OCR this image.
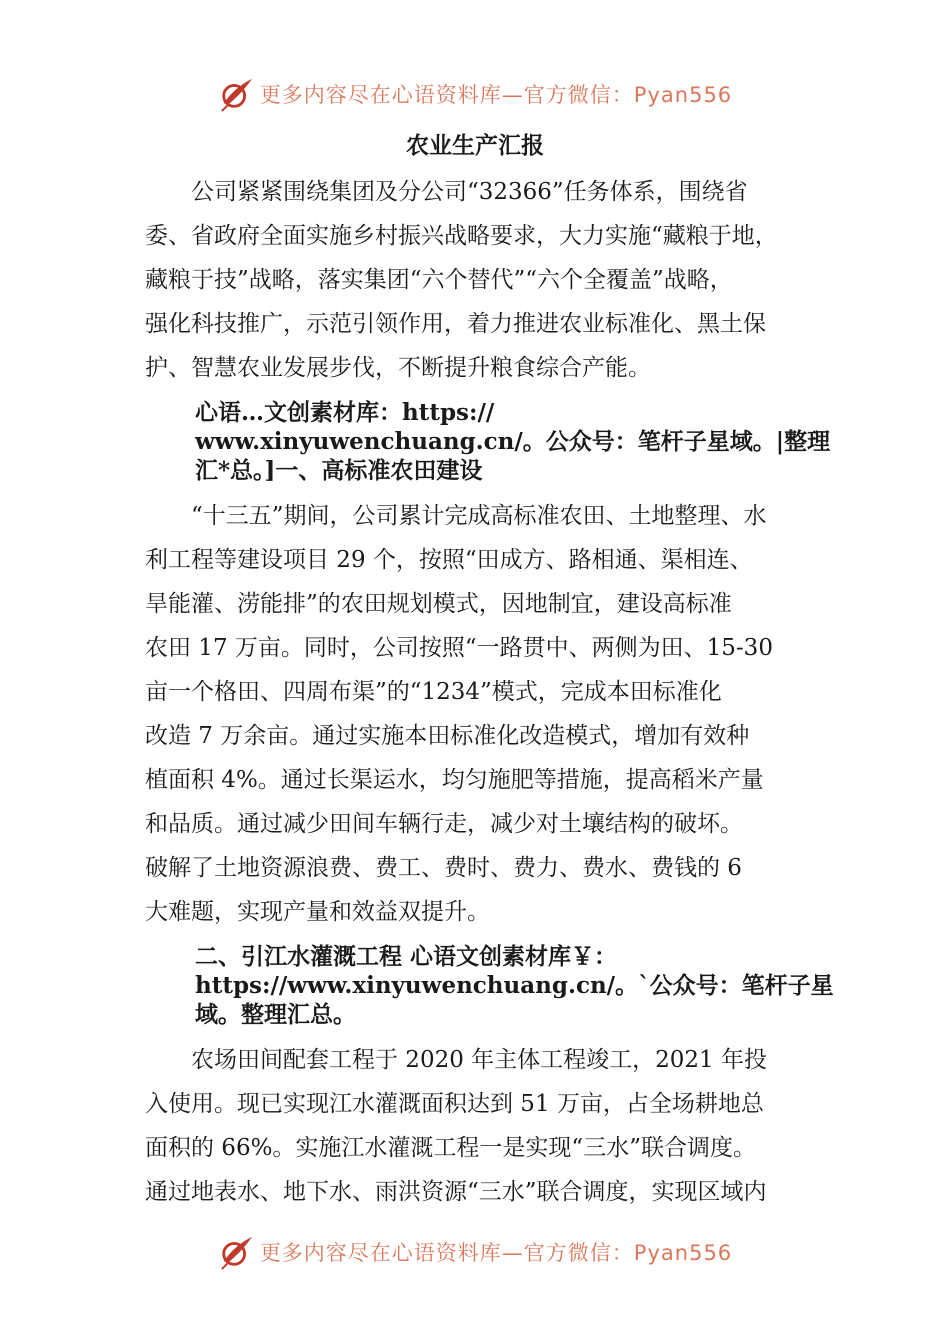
更多内容尽在心语资料库—官方微信：Pyan556
农业生产汇报

公司紧紧围绕集团及分公司“32366”任务体系，围绕省
委、省政府全面实施乡村振兴战略要求，大力实施“藏粮于地，
藏粮于技”战略，落实集团“六个替代”“六个全覆盖”战略，
强化科技推广，示范引领作用，着力推进农业标准化、黑土保
护、智慧农业发展步伐，不断提升粮食综合产能。

心语…文创素材库：https://
www.xinyuwenchuang.cn/。公众号：笔杆子星域。|整理
汇*总。]一、高标准农田建设

“十三五”期间，公司累计完成高标准农田、土地整理、水
利工程等建设项目 29 个，按照“田成方、路相通、渠相连、
旱能灌、涝能排”的农田规划模式，因地制宜，建设高标准
农田 17 万亩。同时，公司按照“一路贯中、两侧为田、15-30
亩一个格田、四周布渠”的“1234”模式，完成本田标准化
改造 7 万余亩。通过实施本田标准化改造模式，增加有效种
植面积 4%。通过长渠运水，均匀施肥等措施，提高稻米产量
和品质。通过减少田间车辆行走，减少对土壤结构的破坏。
破解了土地资源浪费、费工、费时、费力、费水、费钱的 6
大难题，实现产量和效益双提升。

二、引江水灌溉工程 心语文创素材库￥：
https://www.xinyuwenchuang.cn/。`公众号：笔杆子星
域。整理汇总。

农场田间配套工程于 2020 年主体工程竣工，2021 年投
入使用。现已实现江水灌溉面积达到 51 万亩，占全场耕地总
面积的 66%。实施江水灌溉工程一是实现“三水”联合调度。
通过地表水、地下水、雨洪资源“三水”联合调度，实现区域内

更多内容尽在心语资料库—官方微信：Pyan556
